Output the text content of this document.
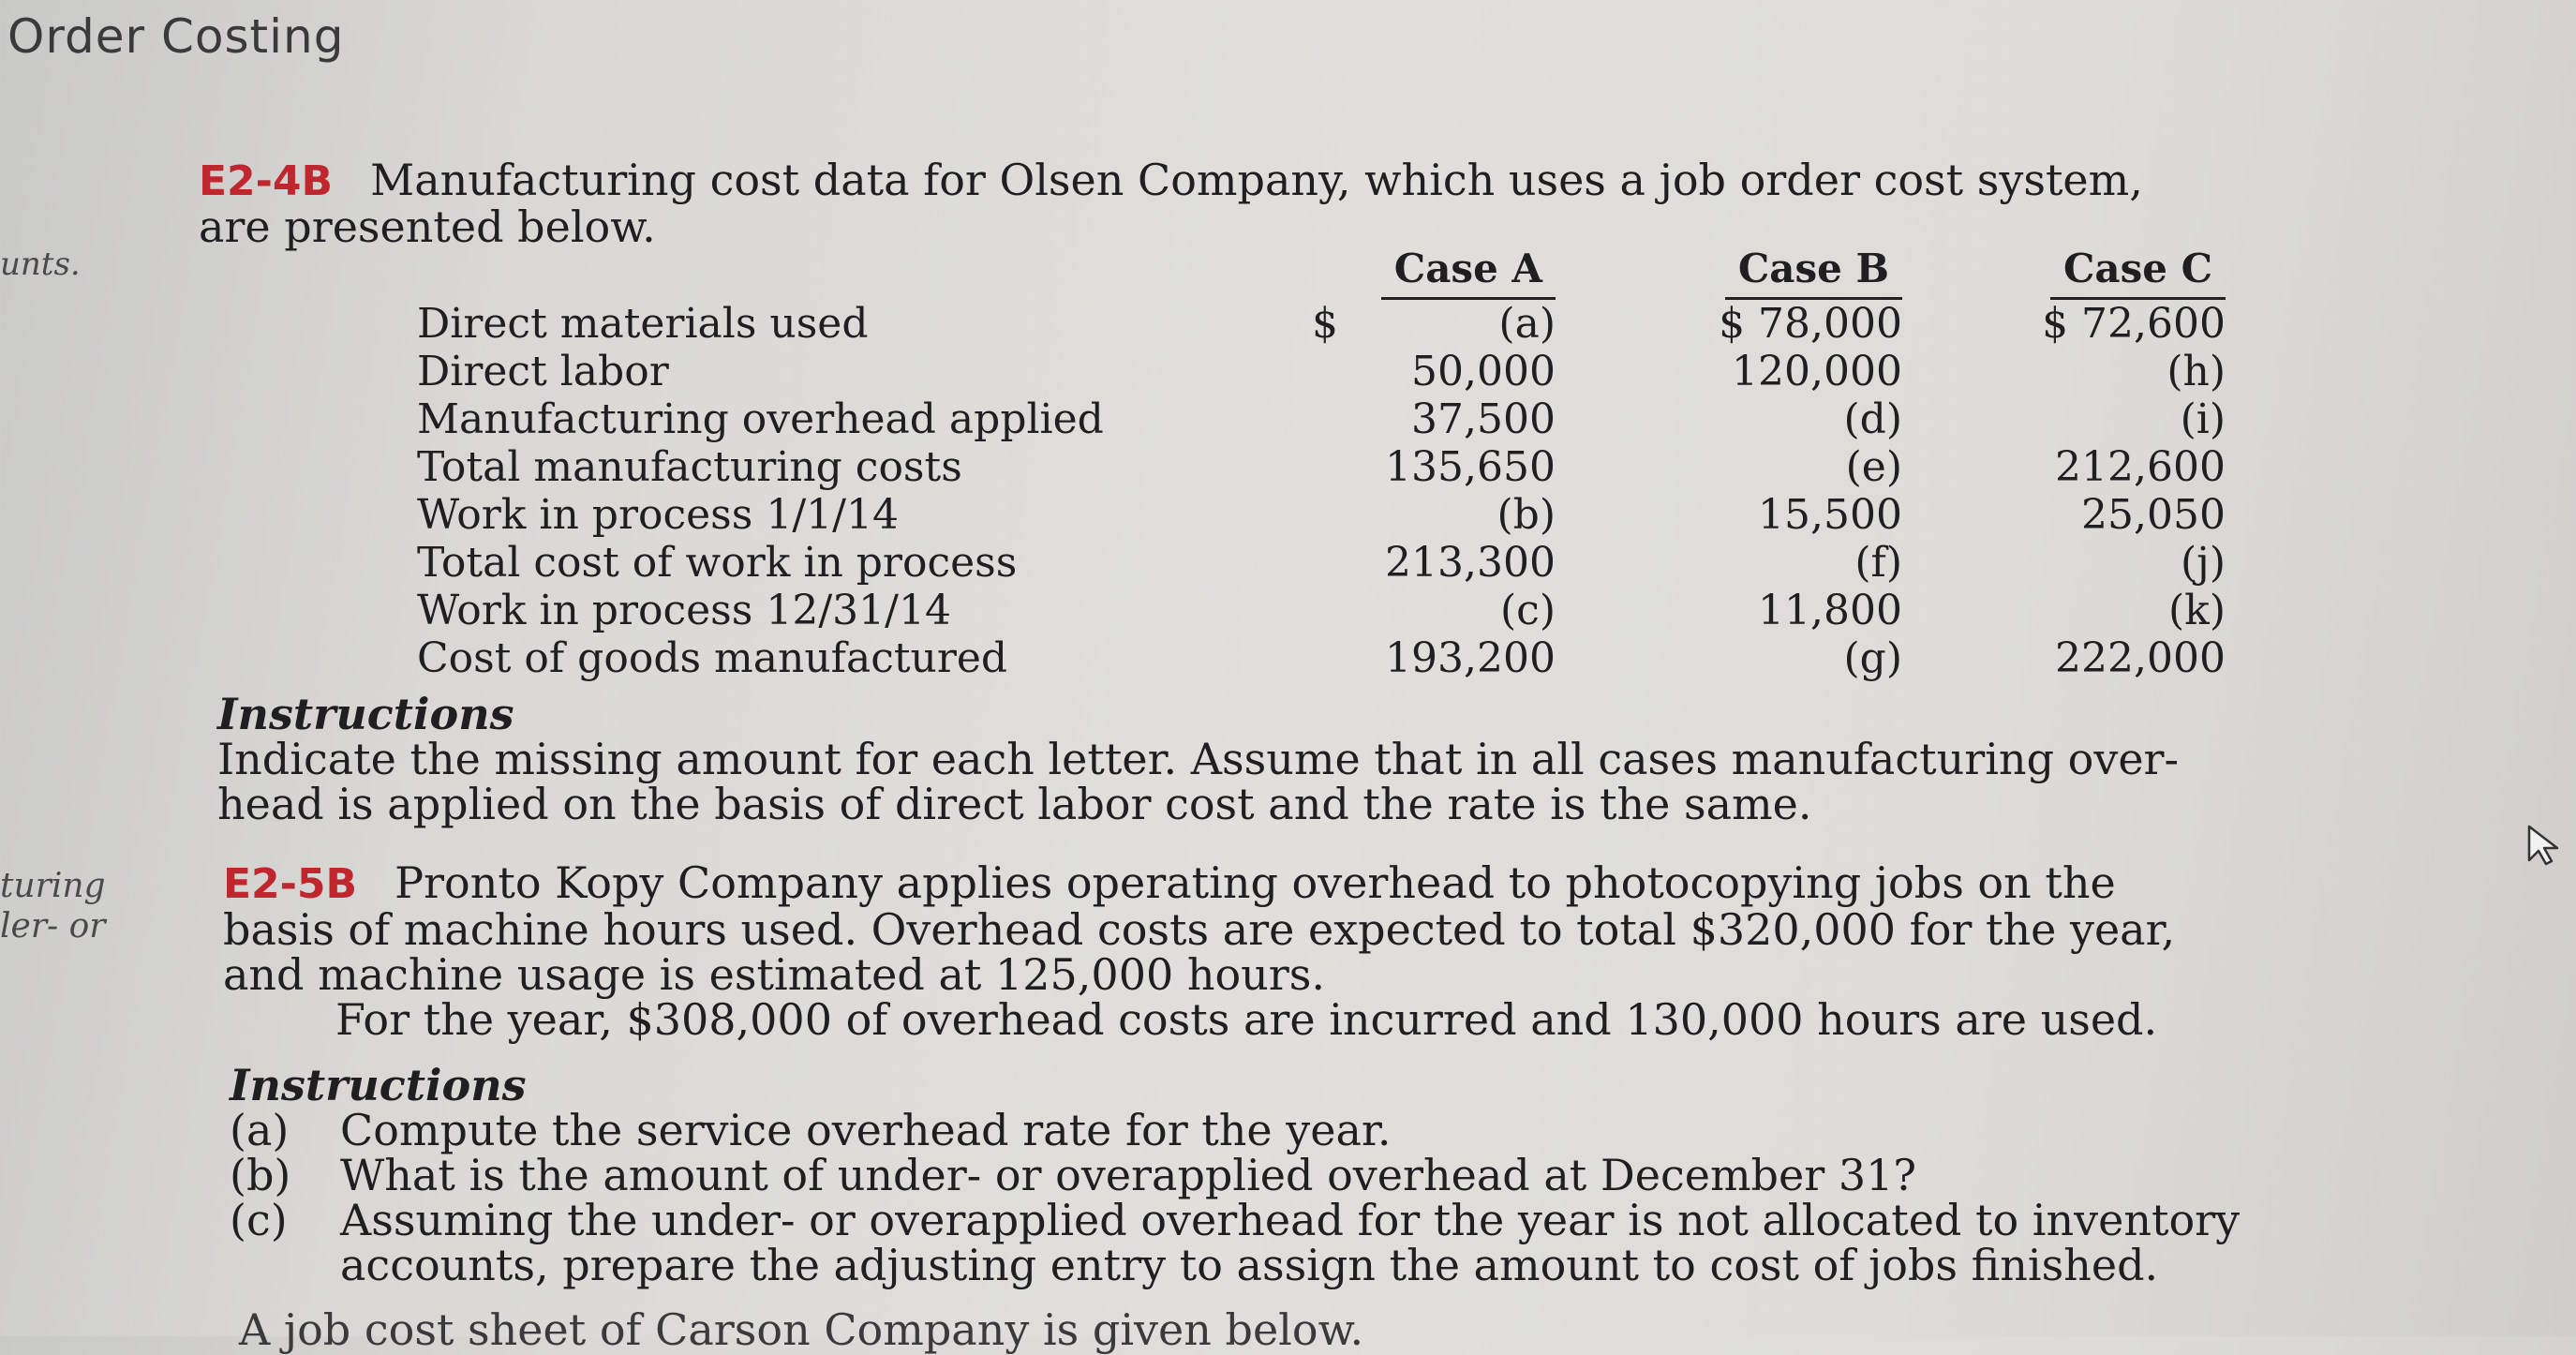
Order Costing
unts.
turing
ler- or
E2-4B Manufacturing cost data for Olsen Company, which uses a job order cost system,
are presented below.
		Case A	Case B	Case C
Direct materials used	$	(a)	$ 78,000	$ 72,600
Direct labor		50,000	120,000	(h)
Manufacturing overhead applied		37,500	(d)	(i)
Total manufacturing costs		135,650	(e)	212,600
Work in process 1/1/14		(b)	15,500	25,050
Total cost of work in process		213,300	(f)	(j)
Work in process 12/31/14		(c)	11,800	(k)
Cost of goods manufactured		193,200	(g)	222,000
Instructions
Indicate the missing amount for each letter. Assume that in all cases manufacturing over-
head is applied on the basis of direct labor cost and the rate is the same.
E2-5B Pronto Kopy Company applies operating overhead to photocopying jobs on the
basis of machine hours used. Overhead costs are expected to total $320,000 for the year,
and machine usage is estimated at 125,000 hours.
For the year, $308,000 of overhead costs are incurred and 130,000 hours are used.
Instructions
(a) Compute the service overhead rate for the year.
(b) What is the amount of under- or overapplied overhead at December 31?
(c) Assuming the under- or overapplied overhead for the year is not allocated to inventory
accounts, prepare the adjusting entry to assign the amount to cost of jobs finished.
A job cost sheet of Carson Company is given below.
